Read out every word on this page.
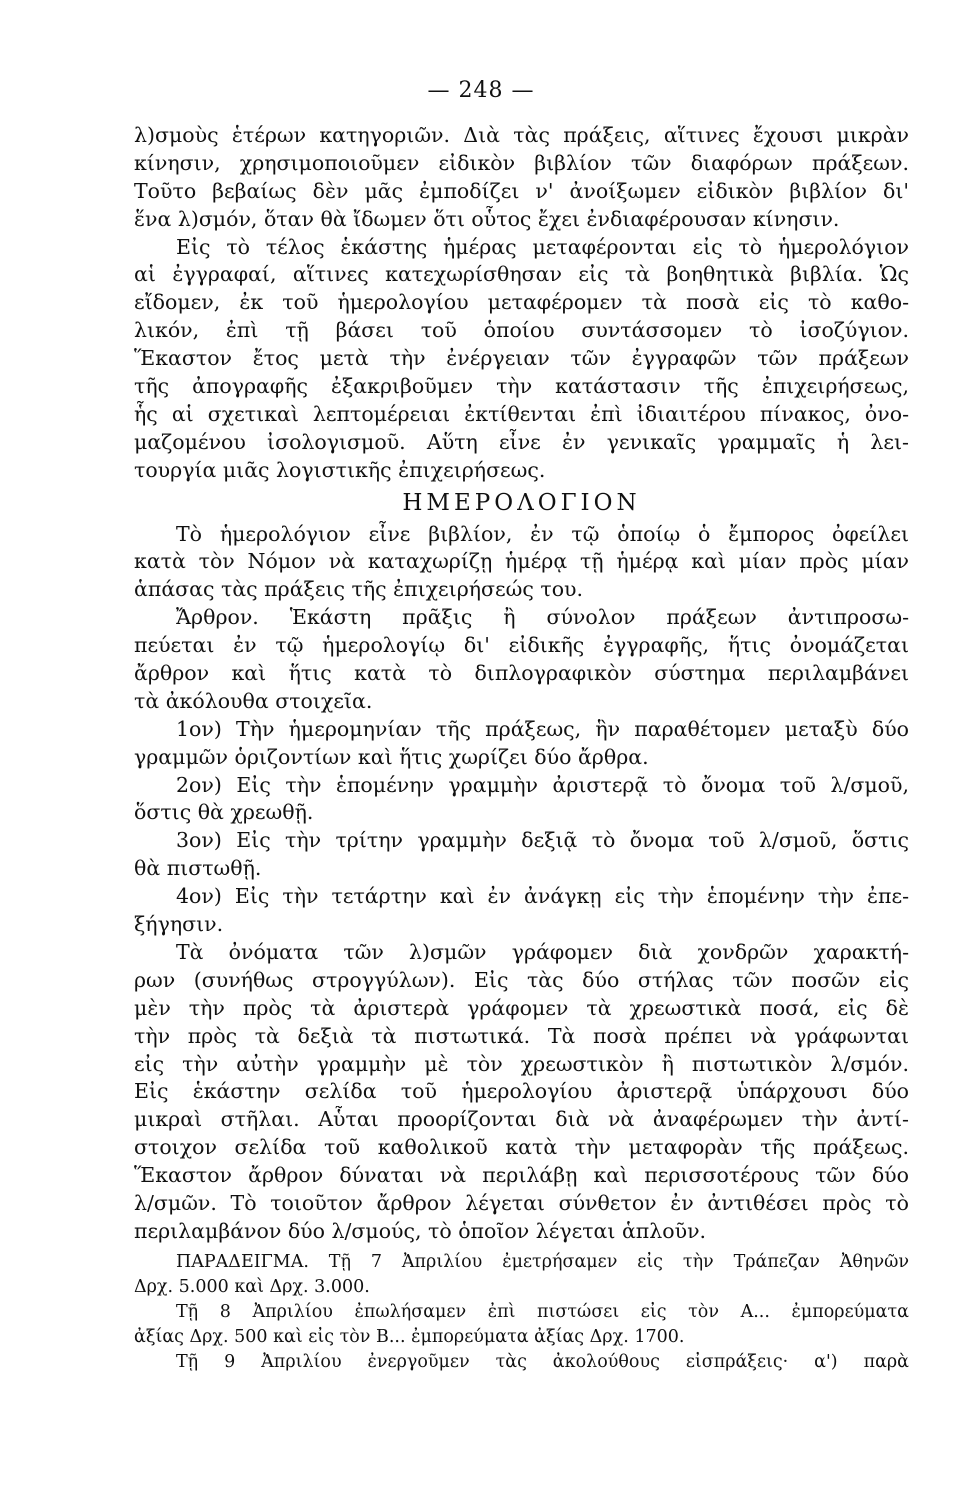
— 248 —
λ)σμοὺς ἑτέρων κατηγοριῶν. Διὰ τὰς πράξεις, αἵτινες ἔχουσι μικρὰν
κίνησιν, χρησιμοποιοῦμεν εἰδικὸν βιβλίον τῶν διαφόρων πράξεων.
Τοῦτο βεβαίως δὲν μᾶς ἐμποδίζει ν' ἀνοίξωμεν εἰδικὸν βιβλίον δι'
ἕνα λ)σμόν, ὅταν θὰ ἴδωμεν ὅτι οὗτος ἔχει ἐνδιαφέρουσαν κίνησιν.
Εἰς τὸ τέλος ἑκάστης ἡμέρας μεταφέρονται εἰς τὸ ἡμερολόγιον
αἱ ἐγγραφαί, αἵτινες κατεχωρίσθησαν εἰς τὰ βοηθητικὰ βιβλία. Ὡς
εἴδομεν, ἐκ τοῦ ἡμερολογίου μεταφέρομεν τὰ ποσὰ εἰς τὸ καθο-
λικόν, ἐπὶ τῇ βάσει τοῦ ὁποίου συντάσσομεν τὸ ἰσοζύγιον.
Ἕκαστον ἔτος μετὰ τὴν ἐνέργειαν τῶν ἐγγραφῶν τῶν πράξεων
τῆς ἀπογραφῆς ἐξακριβοῦμεν τὴν κατάστασιν τῆς ἐπιχειρήσεως,
ἧς αἱ σχετικαὶ λεπτομέρειαι ἐκτίθενται ἐπὶ ἰδιαιτέρου πίνακος, ὀνο-
μαζομένου ἰσολογισμοῦ. Αὕτη εἶνε ἐν γενικαῖς γραμμαῖς ἡ λει-
τουργία μιᾶς λογιστικῆς ἐπιχειρήσεως.
ΗΜΕΡΟΛΟΓΙΟΝ
Τὸ ἡμερολόγιον εἶνε βιβλίον, ἐν τῷ ὁποίῳ ὁ ἔμπορος ὀφείλει
κατὰ τὸν Νόμον νὰ καταχωρίζῃ ἡμέρᾳ τῇ ἡμέρᾳ καὶ μίαν πρὸς μίαν
ἁπάσας τὰς πράξεις τῆς ἐπιχειρήσεώς του.
Ἄρθρον. Ἑκάστη πρᾶξις ἢ σύνολον πράξεων ἀντιπροσω-
πεύεται ἐν τῷ ἡμερολογίῳ δι' εἰδικῆς ἐγγραφῆς, ἥτις ὀνομάζεται
ἄρθρον καὶ ἥτις κατὰ τὸ διπλογραφικὸν σύστημα περιλαμβάνει
τὰ ἀκόλουθα στοιχεῖα.
1ον) Τὴν ἡμερομηνίαν τῆς πράξεως, ἣν παραθέτομεν μεταξὺ δύο
γραμμῶν ὁριζοντίων καὶ ἥτις χωρίζει δύο ἄρθρα.
2ον) Εἰς τὴν ἑπομένην γραμμὴν ἀριστερᾷ τὸ ὄνομα τοῦ λ/σμοῦ,
ὅστις θὰ χρεωθῇ.
3ον) Εἰς τὴν τρίτην γραμμὴν δεξιᾷ τὸ ὄνομα τοῦ λ/σμοῦ, ὅστις
θὰ πιστωθῇ.
4ον) Εἰς τὴν τετάρτην καὶ ἐν ἀνάγκῃ εἰς τὴν ἑπομένην τὴν ἐπε-
ξήγησιν.
Τὰ ὀνόματα τῶν λ)σμῶν γράφομεν διὰ χονδρῶν χαρακτή-
ρων (συνήθως στρογγύλων). Εἰς τὰς δύο στήλας τῶν ποσῶν εἰς
μὲν τὴν πρὸς τὰ ἀριστερὰ γράφομεν τὰ χρεωστικὰ ποσά, εἰς δὲ
τὴν πρὸς τὰ δεξιὰ τὰ πιστωτικά. Τὰ ποσὰ πρέπει νὰ γράφωνται
εἰς τὴν αὐτὴν γραμμὴν μὲ τὸν χρεωστικὸν ἢ πιστωτικὸν λ/σμόν.
Εἰς ἑκάστην σελίδα τοῦ ἡμερολογίου ἀριστερᾷ ὑπάρχουσι δύο
μικραὶ στῆλαι. Αὗται προορίζονται διὰ νὰ ἀναφέρωμεν τὴν ἀντί-
στοιχον σελίδα τοῦ καθολικοῦ κατὰ τὴν μεταφορὰν τῆς πράξεως.
Ἕκαστον ἄρθρον δύναται νὰ περιλάβῃ καὶ περισσοτέρους τῶν δύο
λ/σμῶν. Τὸ τοιοῦτον ἄρθρον λέγεται σύνθετον ἐν ἀντιθέσει πρὸς τὸ
περιλαμβάνον δύο λ/σμούς, τὸ ὁποῖον λέγεται ἁπλοῦν.
ΠΑΡΑΔΕΙΓΜΑ. Τῇ 7 Ἀπριλίου ἐμετρήσαμεν εἰς τὴν Τράπεζαν Ἀθηνῶν
Δρχ. 5.000 καὶ Δρχ. 3.000.
Τῇ 8 Ἀπριλίου ἐπωλήσαμεν ἐπὶ πιστώσει εἰς τὸν Α... ἐμπορεύματα
ἀξίας Δρχ. 500 καὶ εἰς τὸν Β... ἐμπορεύματα ἀξίας Δρχ. 1700.
Τῇ 9 Ἀπριλίου ἐνεργοῦμεν τὰς ἀκολούθους εἰσπράξεις· α') παρὰ
